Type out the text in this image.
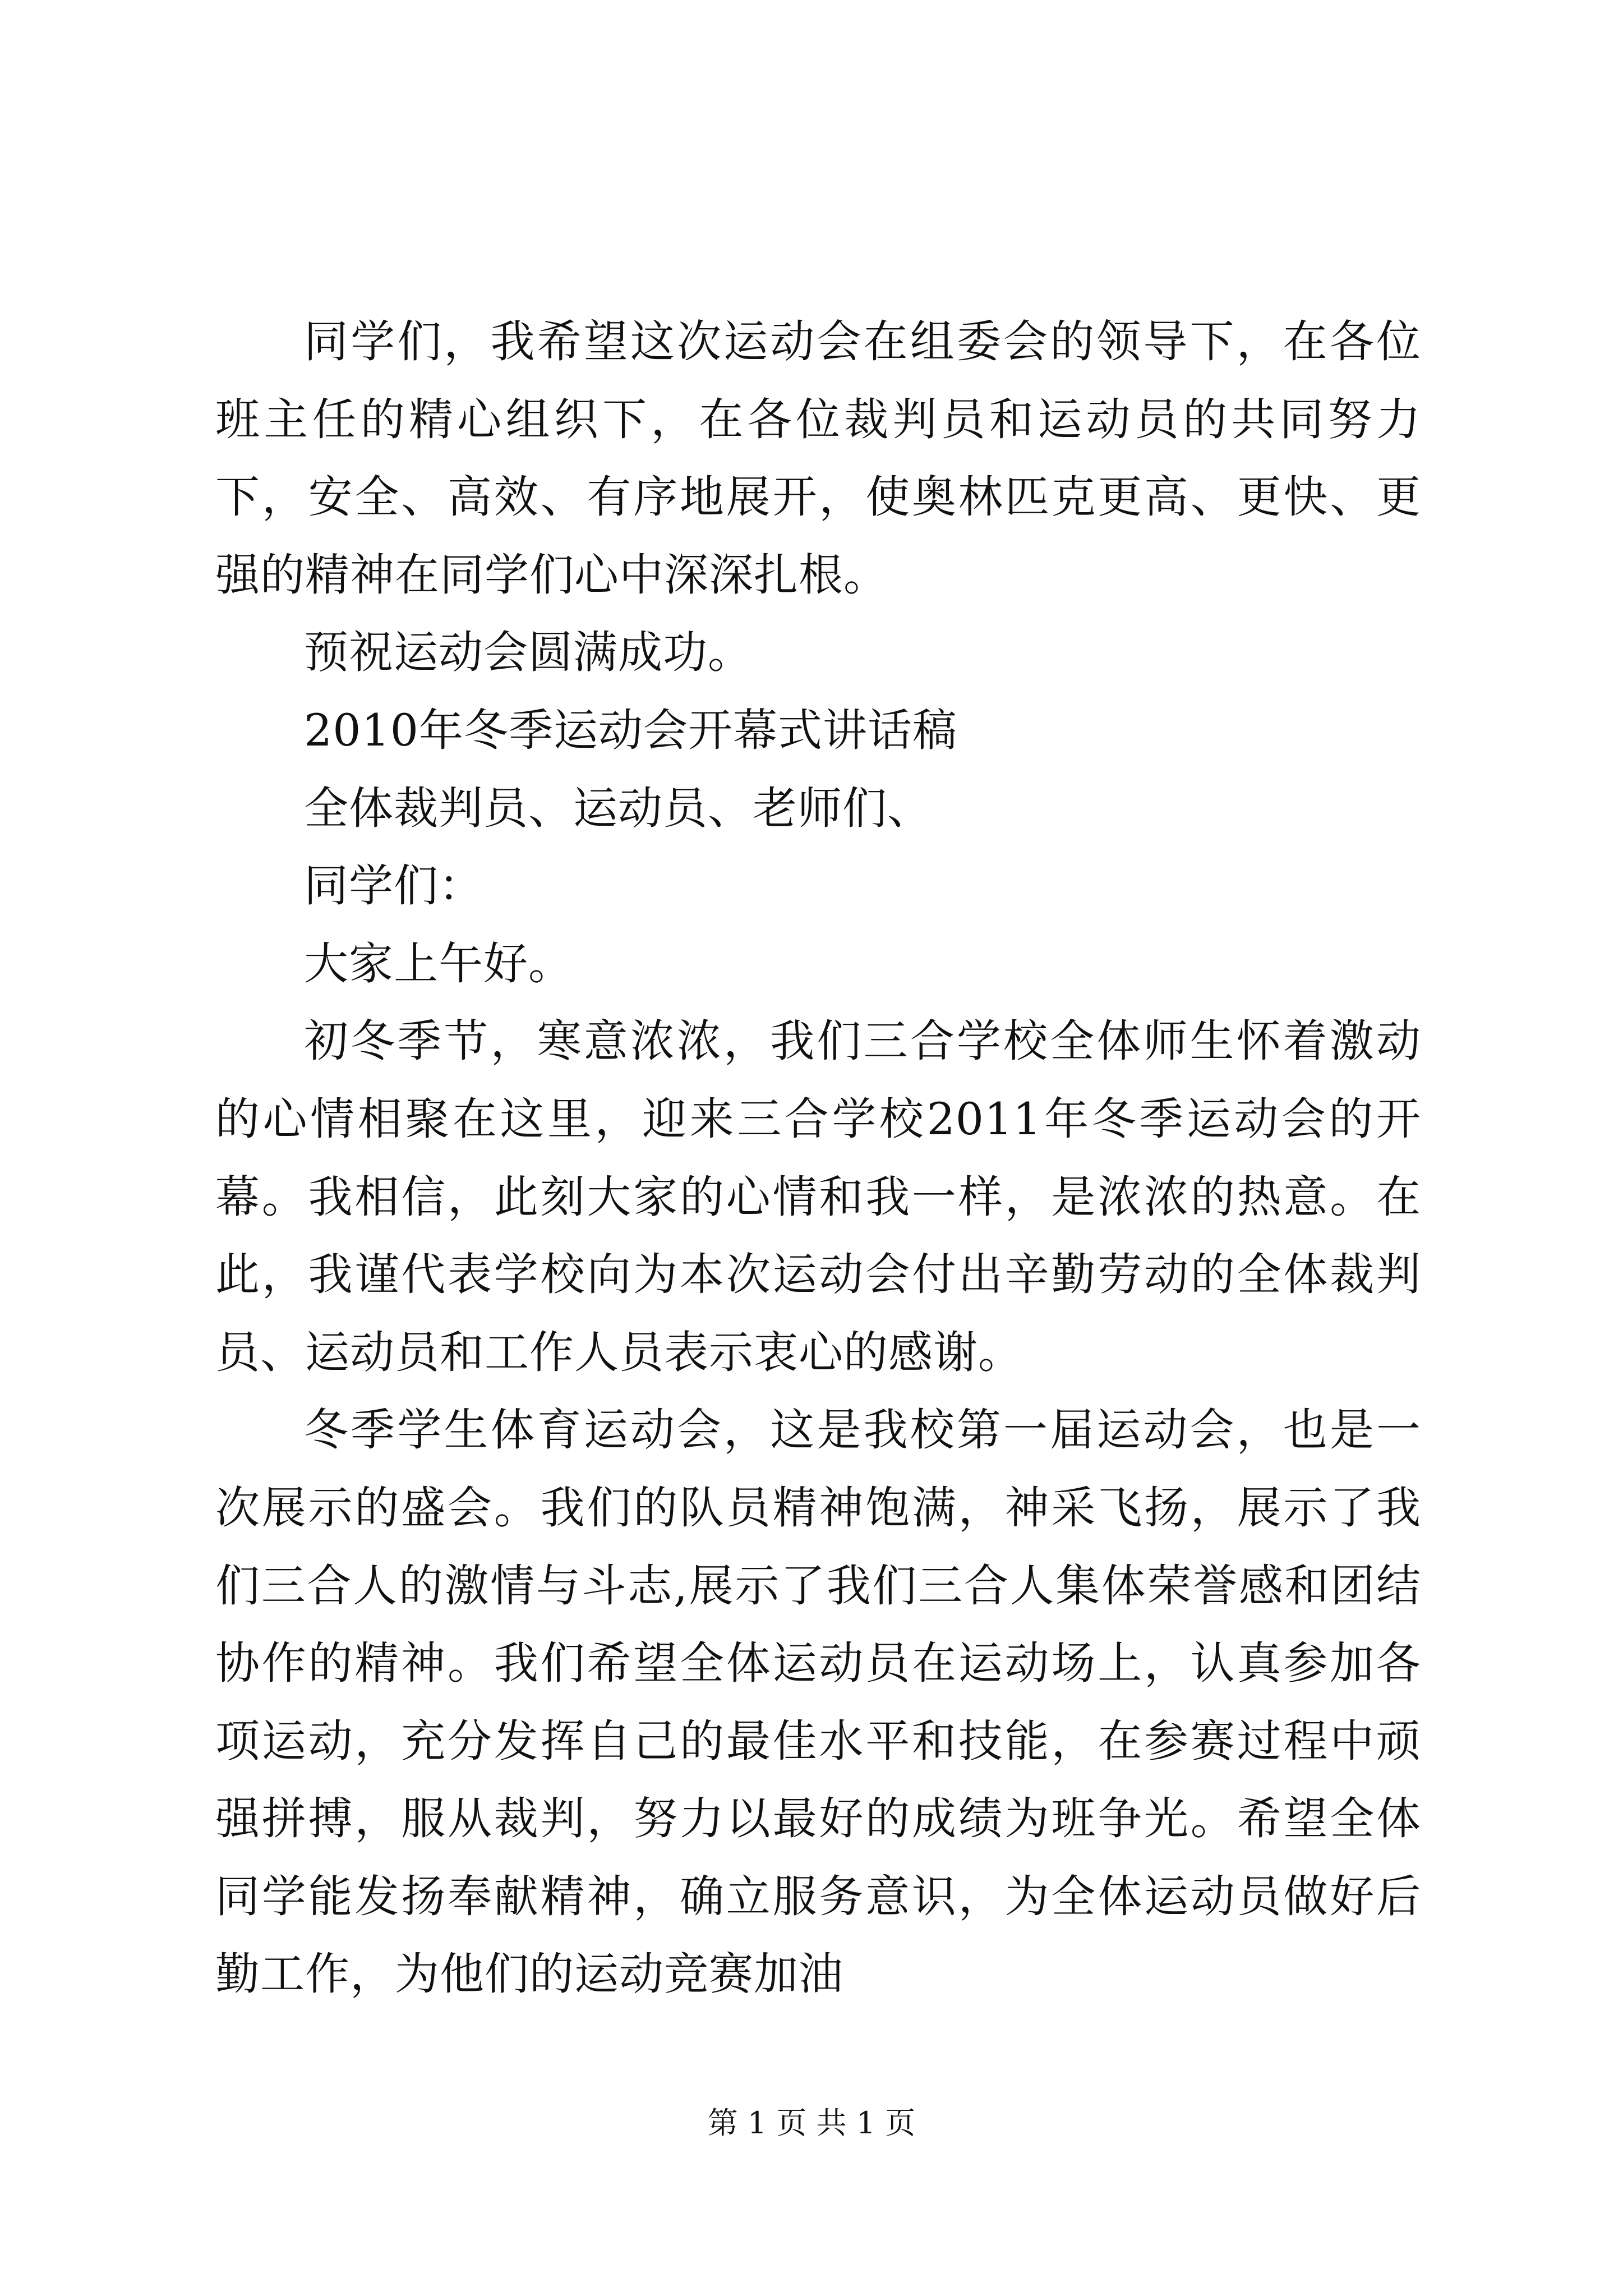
同学们，我希望这次运动会在组委会的领导下，在各位班主任的精心组织下，在各位裁判员和运动员的共同努力下，安全、高效、有序地展开，使奥林匹克更高、更快、更强的精神在同学们心中深深扎根。

预祝运动会圆满成功。

2010年冬季运动会开幕式讲话稿

全体裁判员、运动员、老师们、

同学们：

大家上午好。

初冬季节，寒意浓浓，我们三合学校全体师生怀着激动的心情相聚在这里，迎来三合学校2011年冬季运动会的开幕。我相信，此刻大家的心情和我一样，是浓浓的热意。在此，我谨代表学校向为本次运动会付出辛勤劳动的全体裁判员、运动员和工作人员表示衷心的感谢。

冬季学生体育运动会，这是我校第一届运动会，也是一次展示的盛会。我们的队员精神饱满，神采飞扬，展示了我们三合人的激情与斗志,展示了我们三合人集体荣誉感和团结协作的精神。我们希望全体运动员在运动场上，认真参加各项运动，充分发挥自己的最佳水平和技能，在参赛过程中顽强拼搏，服从裁判，努力以最好的成绩为班争光。希望全体同学能发扬奉献精神，确立服务意识，为全体运动员做好后勤工作，为他们的运动竞赛加油

第 1 页 共 1 页
